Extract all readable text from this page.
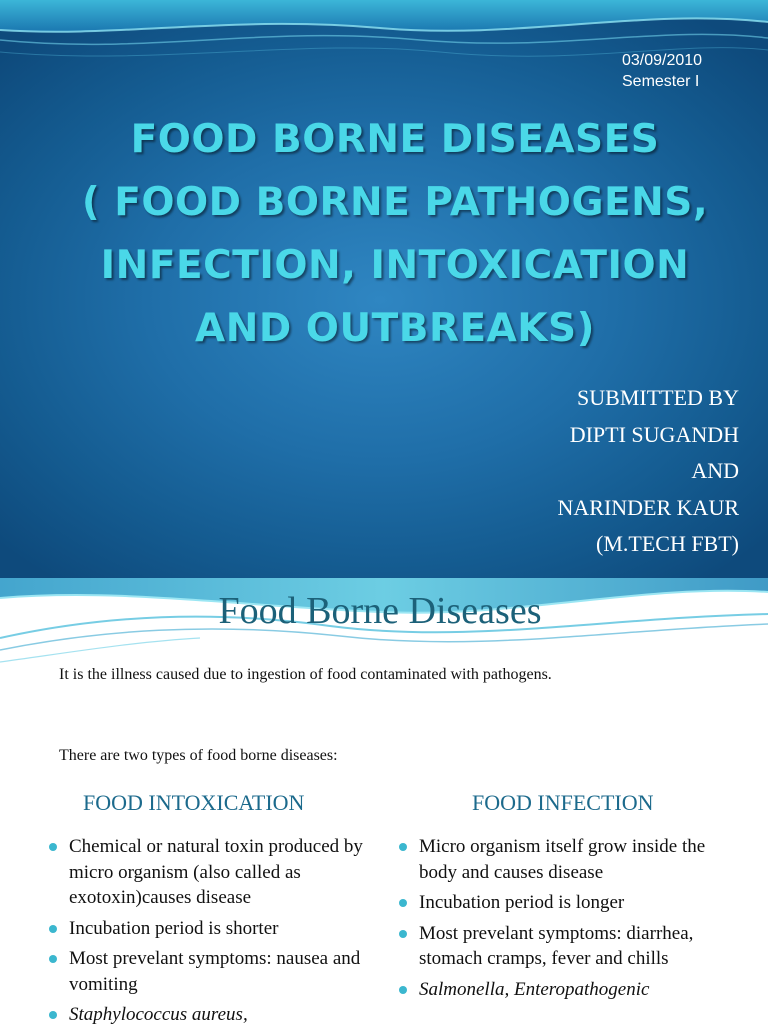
03/09/2010
Semester I
FOOD BORNE DISEASES
( FOOD BORNE PATHOGENS,
INFECTION, INTOXICATION
AND OUTBREAKS)
SUBMITTED BY
DIPTI SUGANDH
AND
NARINDER KAUR
(M.TECH FBT)
Food Borne Diseases
It is the illness caused due to ingestion of food contaminated with pathogens.
There are two types of food borne diseases:
FOOD INTOXICATION	FOOD INFECTION
Chemical or natural toxin produced by micro organism (also called as exotoxin)causes disease
Incubation period is shorter
Most prevelant symptoms: nausea and vomiting
Staphylococcus aureus,
Micro organism itself grow inside the body and causes disease
Incubation period is longer
Most prevelant symptoms: diarrhea, stomach cramps, fever and chills
Salmonella, Enteropathogenic
